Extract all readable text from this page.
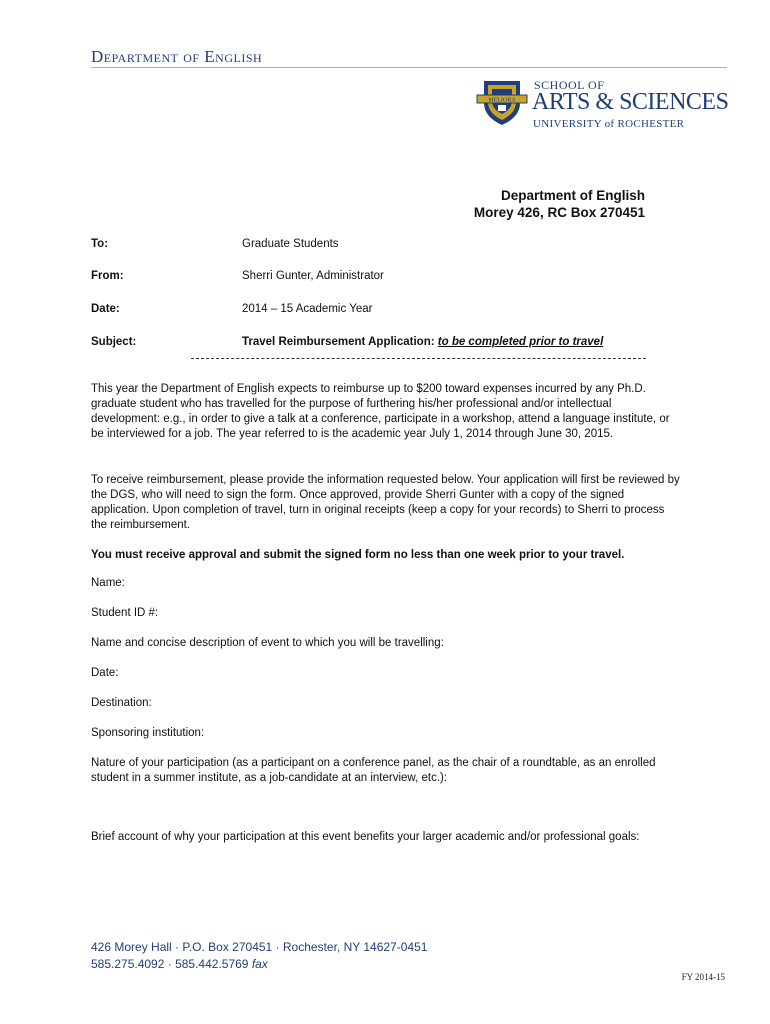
Department of English
MELIORA
SCHOOL OF
ARTS & SCIENCES
UNIVERSITY of ROCHESTER
Department of English
Morey 426, RC Box 270451
To:	Graduate Students
From:	Sherri Gunter, Administrator
Date:	2014 – 15 Academic Year
Subject:	Travel Reimbursement Application: to be completed prior to travel
This year the Department of English expects to reimburse up to $200 toward expenses incurred by any Ph.D. graduate student who has travelled for the purpose of furthering his/her professional and/or intellectual development: e.g., in order to give a talk at a conference, participate in a workshop, attend a language institute, or be interviewed for a job. The year referred to is the academic year July 1, 2014 through June 30, 2015.
To receive reimbursement, please provide the information requested below. Your application will first be reviewed by the DGS, who will need to sign the form. Once approved, provide Sherri Gunter with a copy of the signed application. Upon completion of travel, turn in original receipts (keep a copy for your records) to Sherri to process the reimbursement.
You must receive approval and submit the signed form no less than one week prior to your travel.
Name:
Student ID #:
Name and concise description of event to which you will be travelling:
Date:
Destination:
Sponsoring institution:
Nature of your participation (as a participant on a conference panel, as the chair of a roundtable, as an enrolled student in a summer institute, as a job-candidate at an interview, etc.):
Brief account of why your participation at this event benefits your larger academic and/or professional goals:
426 Morey Hall · P.O. Box 270451 · Rochester, NY 14627-0451
585.275.4092 · 585.442.5769 fax
FY 2014-15
